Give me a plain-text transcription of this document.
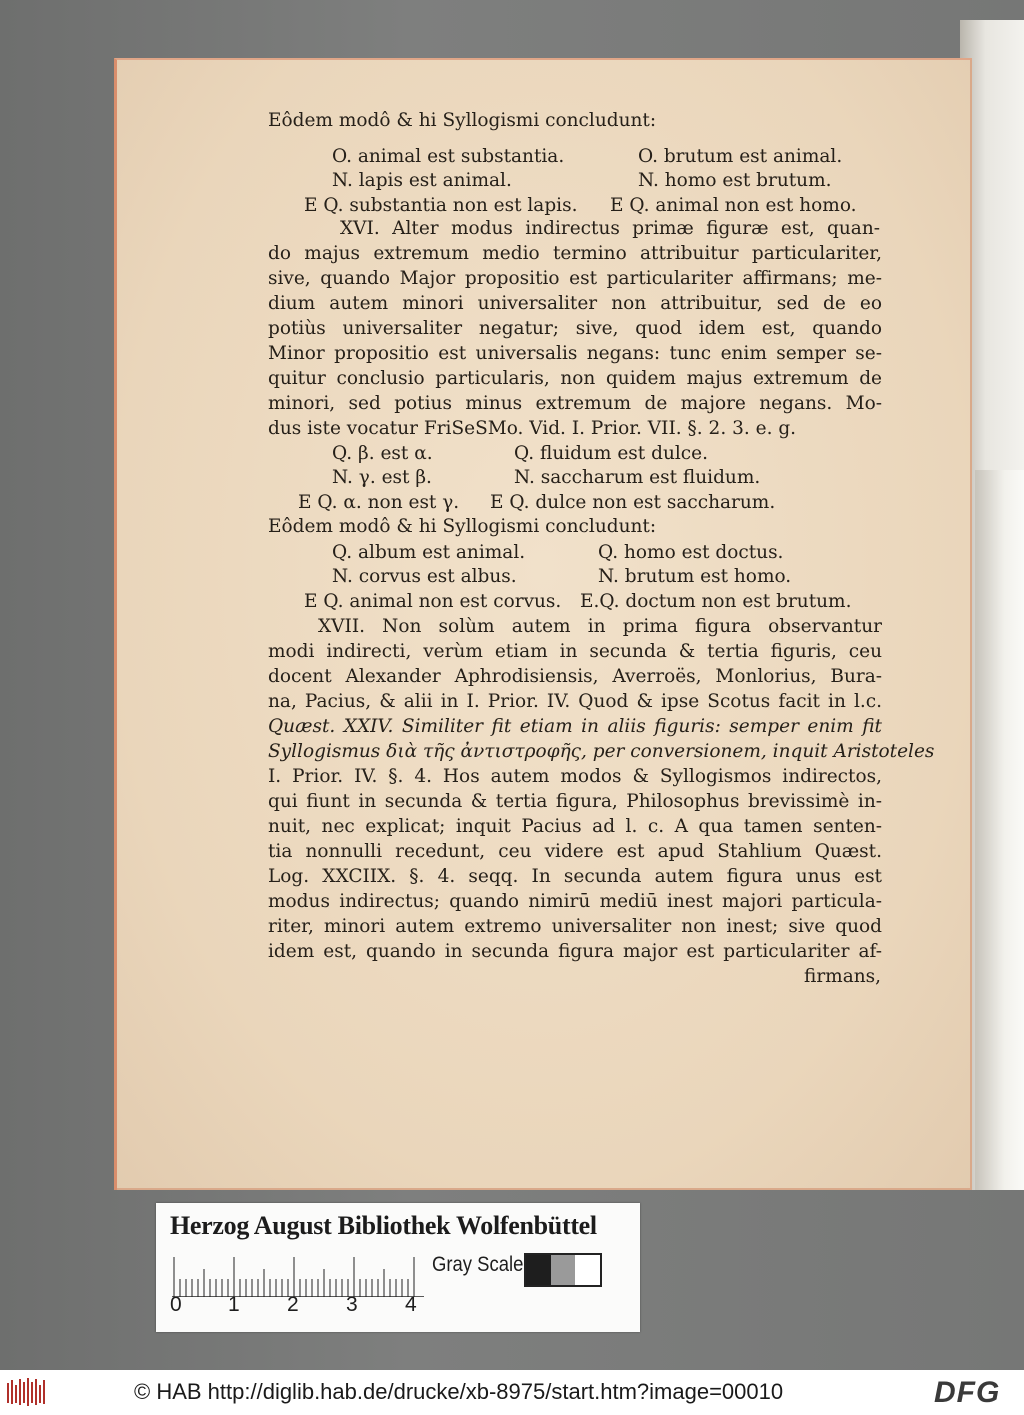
Eôdem modô & hi Syllogismi concludunt:
O. animal est substantia.	O. brutum est animal.
N. lapis est animal.	N. homo est brutum.
E Q. substantia non est lapis. E Q. animal non est homo.
XVI. Alter modus indirectus primæ figuræ est, quan-
do majus extremum medio termino attribuitur particulariter,
sive, quando Major propositio est particulariter affirmans; me-
dium autem minori universaliter non attribuitur, sed de eo
potiùs universaliter negatur; sive, quod idem est, quando
Minor propositio est universalis negans: tunc enim semper se-
quitur conclusio particularis, non quidem majus extremum de
minori, sed potius minus extremum de majore negans. Mo-
dus iste vocatur FriSeSMo. Vid. I. Prior. VII. §. 2. 3. e. g.
Q. β. est α.	Q. fluidum est dulce.
N. γ. est β.	N. saccharum est fluidum.
E Q. α. non est γ. E Q. dulce non est saccharum.
Eôdem modô & hi Syllogismi concludunt:
Q. album est animal.	Q. homo est doctus.
N. corvus est albus.	N. brutum est homo.
E Q. animal non est corvus. E.Q. doctum non est brutum.
XVII. Non solùm autem in prima figura observantur
modi indirecti, verùm etiam in secunda & tertia figuris, ceu
docent Alexander Aphrodisiensis, Averroës, Monlorius, Bura-
na, Pacius, & alii in I. Prior. IV. Quod & ipse Scotus facit in l.c.
Quæst. XXIV. Similiter fit etiam in aliis figuris: semper enim fit
Syllogismus διὰ τῆς ἀντιστροφῆς, per conversionem, inquit Aristoteles
I. Prior. IV. §. 4. Hos autem modos & Syllogismos indirectos,
qui fiunt in secunda & tertia figura, Philosophus brevissimè in-
nuit, nec explicat; inquit Pacius ad l. c. A qua tamen senten-
tia nonnulli recedunt, ceu videre est apud Stahlium Quæst.
Log. XXCIIX. §. 4. seqq. In secunda autem figura unus est
modus indirectus; quando nimirū mediū inest majori particula-
riter, minori autem extremo universaliter non inest; sive quod
idem est, quando in secunda figura major est particulariter af-
firmans,
Herzog August Bibliothek Wolfenbüttel
0 1 2 3 4
Gray Scale
© HAB http://diglib.hab.de/drucke/xb-8975/start.htm?image=00010	DFG
